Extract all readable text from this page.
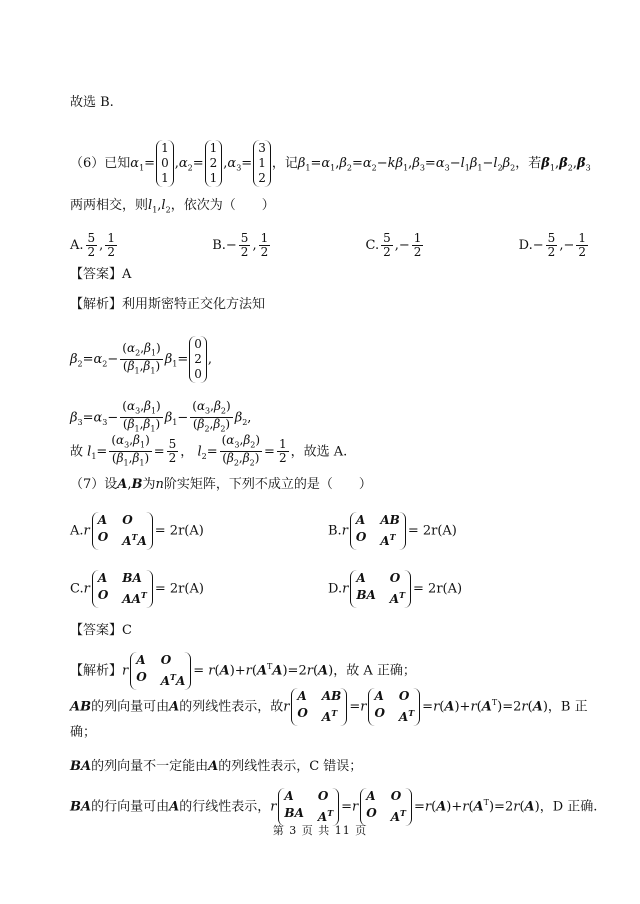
故选 B.
（6）已知$\alpha_1=1$
0
$1,\alpha_2=1$
2
$1,\alpha_3=3$
1
2，记$\beta_1=\alpha_1,\beta_2=\alpha_2-k\beta_1,\beta_3=\alpha_3-l_1\beta_1-l_2\beta_2$，若$\beta_1,\beta_2,\beta_3$
两两相交，则$l_1,l_2$，依次为（　　）
A. $\frac{5}{2}$ , $\frac{1}{2}$	$B.- \frac{5}{2}$ , $\frac{1}{2}$	C. $\frac{5}{2}$ ,− $\frac{1}{2}$	$D.- \frac{5}{2}$ ,− $\frac{1}{2}$
【答案】A
【解析】利用斯密特正交化方法知
$\beta_2=\alpha_2- \frac{(\alpha_2,\beta_1)}{(\beta_1,\beta_1)} \beta_1=0$
2
0,
$\beta_3=\alpha_3- \frac{(\alpha_3,\beta_1)}{(\beta_1,\beta_1)} \beta_1- \frac{(\alpha_3,\beta_2)}{(\beta_2,\beta_2)} \beta_2$,
故 $l_1= \frac{(\alpha_3,\beta_1)}{(\beta_1,\beta_1)} = \frac{5}{2}$ ， $l_2= \frac{(\alpha_3,\beta_2)}{(\beta_2,\beta_2)} = \frac{1}{2}$ ，故选 A.
（7）设A,B为n阶实矩阵，下列不成立的是（　　）
A.r
A O
O $A^TA$
= 2r(A)	B.r
A AB
O $A^T = 2r(A)$
C.r
A BA
O $AA^T = 2r(A)$	D.r
A	O
BA $A^T = 2r(A)$
【答案】C
【解析】r
A O
O $A^TA$
= $r(A)+r(A^TA)=2r(A)$，故 A 正确；
AB的列向量可由A的列线性表示，故r
A AB
O $A^T =r$
A O
O $A^T =r(A)+r(A^T)=2r(A)$，B 正
确；
BA的列向量不一定能由A的列线性表示，C 错误；
BA的行向量可由A的行线性表示，r
A	O
BA $A^T =r$
A O
O $A^T =r(A)+r(A^T)=2r(A)$，D 正确.
第 3 页 共 11 页
